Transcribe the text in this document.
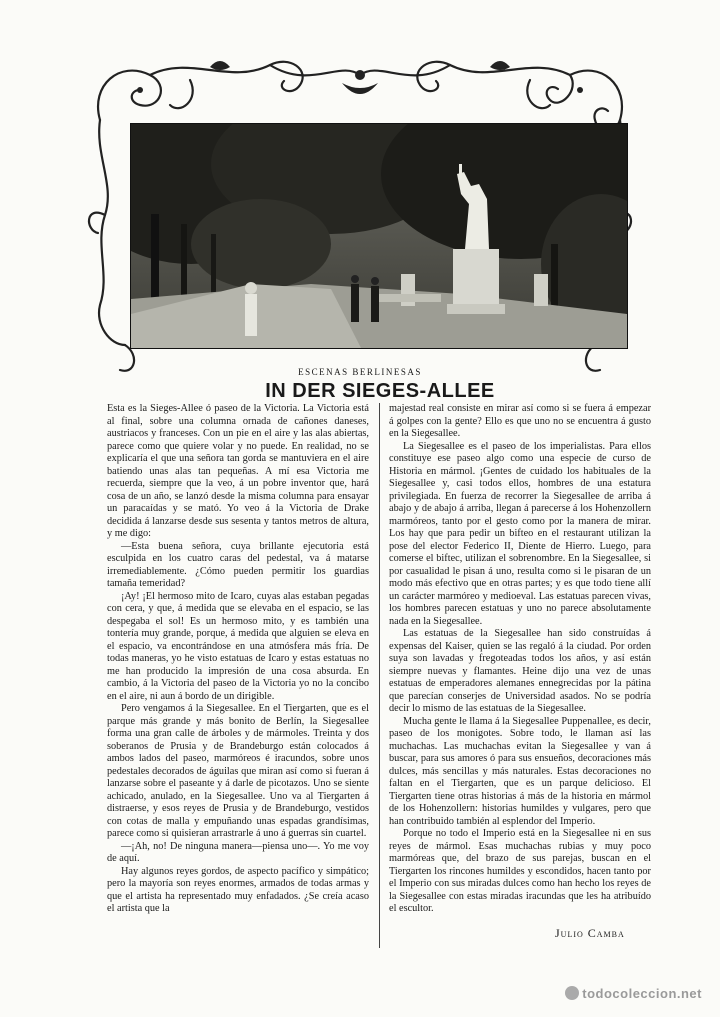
ESCENAS BERLINESAS
IN DER SIEGES-ALLEE

Esta es la Sieges-Allee ó paseo de la Victoria. La Victoria está al final, sobre una columna ornada de cañones daneses, austriacos y franceses. Con un pie en el aire y las alas abiertas, parece como que quiere volar y no puede. En realidad, no se explicaría el que una señora tan gorda se mantuviera en el aire batiendo unas alas tan pequeñas. A mí esa Victoria me recuerda, siempre que la veo, á un pobre inventor que, hará cosa de un año, se lanzó desde la misma columna para ensayar un paracaídas y se mató. Yo veo á la Victoria de Drake decidida á lanzarse desde sus sesenta y tantos metros de altura, y me digo:

—Esta buena señora, cuya brillante ejecutoria está esculpida en los cuatro caras del pedestal, va á matarse irremediablemente. ¿Cómo pueden permitir los guardias tamaña temeridad?

¡Ay! ¡El hermoso mito de Icaro, cuyas alas estaban pegadas con cera, y que, á medida que se elevaba en el espacio, se las despegaba el sol! Es un hermoso mito, y es también una tontería muy grande, porque, á medida que alguien se eleva en el espacio, va encontrándose en una atmósfera más fría. De todas maneras, yo he visto estatuas de Icaro y estas estatuas no me han producido la impresión de una cosa absurda. En cambio, á la Victoria del paseo de la Victoria yo no la concibo en el aire, ni aun á bordo de un dirigible.

Pero vengamos á la Siegesallee. En el Tiergarten, que es el parque más grande y más bonito de Berlín, la Siegesallee forma una gran calle de árboles y de mármoles. Treinta y dos soberanos de Prusia y de Brandeburgo están colocados á ambos lados del paseo, marmóreos é iracundos, sobre unos pedestales decorados de águilas que miran así como si fueran á lanzarse sobre el paseante y á darle de picotazos. Uno se siente achicado, anulado, en la Siegesallee. Uno va al Tiergarten á distraerse, y esos reyes de Prusia y de Brandeburgo, vestidos con cotas de malla y empuñando unas espadas grandísimas, parece como si quisieran arrastrarle á uno á guerras sin cuartel.

—¡Ah, no! De ninguna manera—piensa uno—. Yo me voy de aquí.

Hay algunos reyes gordos, de aspecto pacífico y simpático; pero la mayoría son reyes enormes, armados de todas armas y que el artista ha representado muy enfadados. ¿Se creía acaso el artista que la

majestad real consiste en mirar así como si se fuera á empezar á golpes con la gente? Ello es que uno no se encuentra á gusto en la Siegesallee.

La Siegesallee es el paseo de los imperialistas. Para ellos constituye ese paseo algo como una especie de curso de Historia en mármol. ¡Gentes de cuidado los habituales de la Siegesallee y, casi todos ellos, hombres de una estatura privilegiada. En fuerza de recorrer la Siegesallee de arriba á abajo y de abajo á arriba, llegan á parecerse á los Hohenzollern marmóreos, tanto por el gesto como por la manera de mirar. Los hay que para pedir un bifteo en el restaurant utilizan la pose del elector Federico II, Diente de Hierro. Luego, para comerse el biftec, utilizan el sobrenombre. En la Siegesallee, si por casualidad le pisan á uno, resulta como si le pisaran de un modo más efectivo que en otras partes; y es que todo tiene allí un carácter marmóreo y medioeval. Las estatuas parecen vivas, los hombres parecen estatuas y uno no parece absolutamente nada en la Siegesallee.

Las estatuas de la Siegesallee han sido construídas á expensas del Kaiser, quien se las regaló á la ciudad. Por orden suya son lavadas y fregoteadas todos los años, y así están siempre nuevas y flamantes. Heine dijo una vez de unas estatuas de emperadores alemanes ennegrecidas por la pátina que parecían conserjes de Universidad asados. No se podría decir lo mismo de las estatuas de la Siegesallee.

Mucha gente le llama á la Siegesallee Puppenallee, es decir, paseo de los monigotes. Sobre todo, le llaman así las muchachas. Las muchachas evitan la Siegesallee y van á buscar, para sus amores ó para sus ensueños, decoraciones más dulces, más sencillas y más naturales. Estas decoraciones no faltan en el Tiergarten, que es un parque delicioso. El Tiergarten tiene otras historias á más de la historia en mármol de los Hohenzollern: historias humildes y vulgares, pero que han contribuido también al esplendor del Imperio.

Porque no todo el Imperio está en la Siegesallee ni en sus reyes de mármol. Esas muchachas rubias y muy poco marmóreas que, del brazo de sus parejas, buscan en el Tiergarten los rincones humildes y escondidos, hacen tanto por el Imperio con sus miradas dulces como han hecho los reyes de la Siegesallee con estas miradas iracundas que les ha atribuído el escultor.

Julio Camba
todocoleccion.net
